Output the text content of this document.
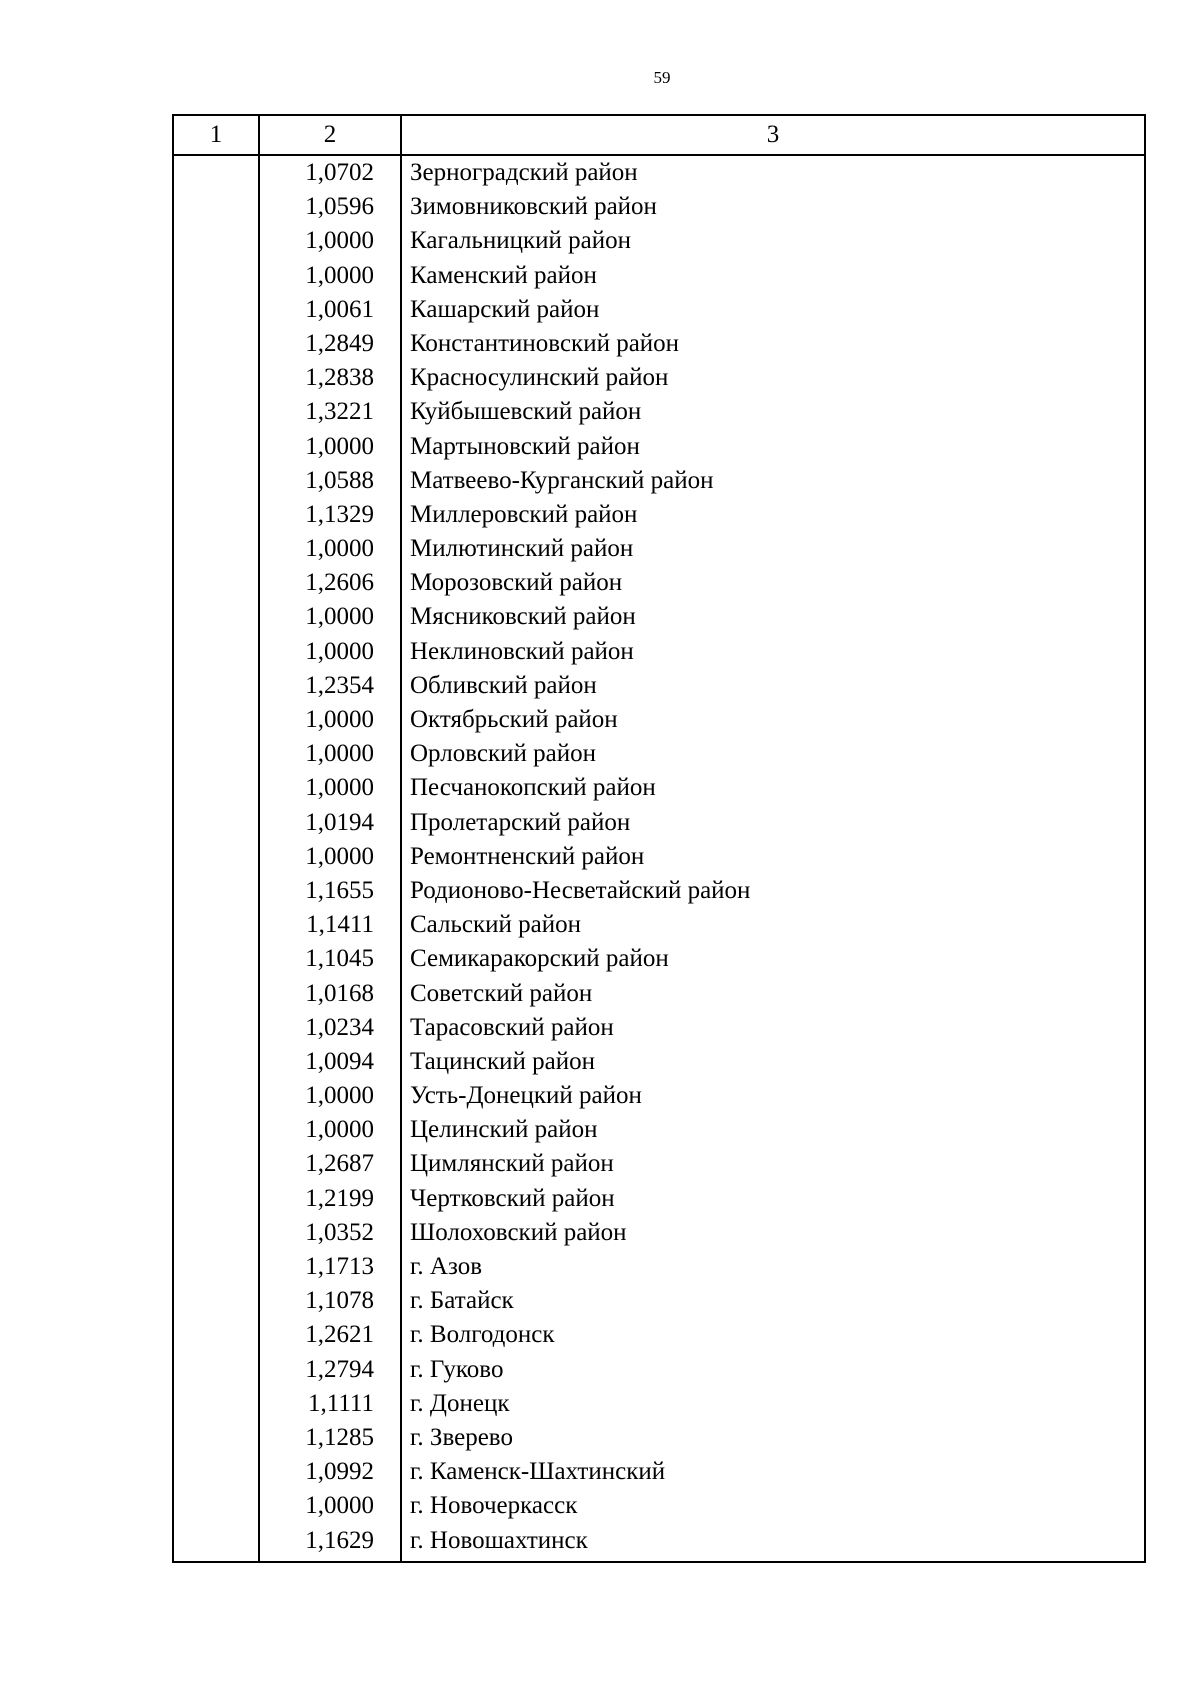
59
1	2	3
1,0702 Зерноградский район
1,0596 Зимовниковский район
1,0000 Кагальницкий район
1,0000 Каменский район
1,0061 Кашарский район
1,2849 Константиновский район
1,2838 Красносулинский район
1,3221 Куйбышевский район
1,0000 Мартыновский район
1,0588 Матвеево-Курганский район
1,1329 Миллеровский район
1,0000 Милютинский район
1,2606 Морозовский район
1,0000 Мясниковский район
1,0000 Неклиновский район
1,2354 Обливский район
1,0000 Октябрьский район
1,0000 Орловский район
1,0000 Песчанокопский район
1,0194 Пролетарский район
1,0000 Ремонтненский район
1,1655 Родионово-Несветайский район
1,1411 Сальский район
1,1045 Семикаракорский район
1,0168 Советский район
1,0234 Тарасовский район
1,0094 Тацинский район
1,0000 Усть-Донецкий район
1,0000 Целинский район
1,2687 Цимлянский район
1,2199 Чертковский район
1,0352 Шолоховский район
1,1713 г. Азов
1,1078 г. Батайск
1,2621 г. Волгодонск
1,2794 г. Гуково
1,1111 г. Донецк
1,1285 г. Зверево
1,0992 г. Каменск-Шахтинский
1,0000 г. Новочеркасск
1,1629 г. Новошахтинск
